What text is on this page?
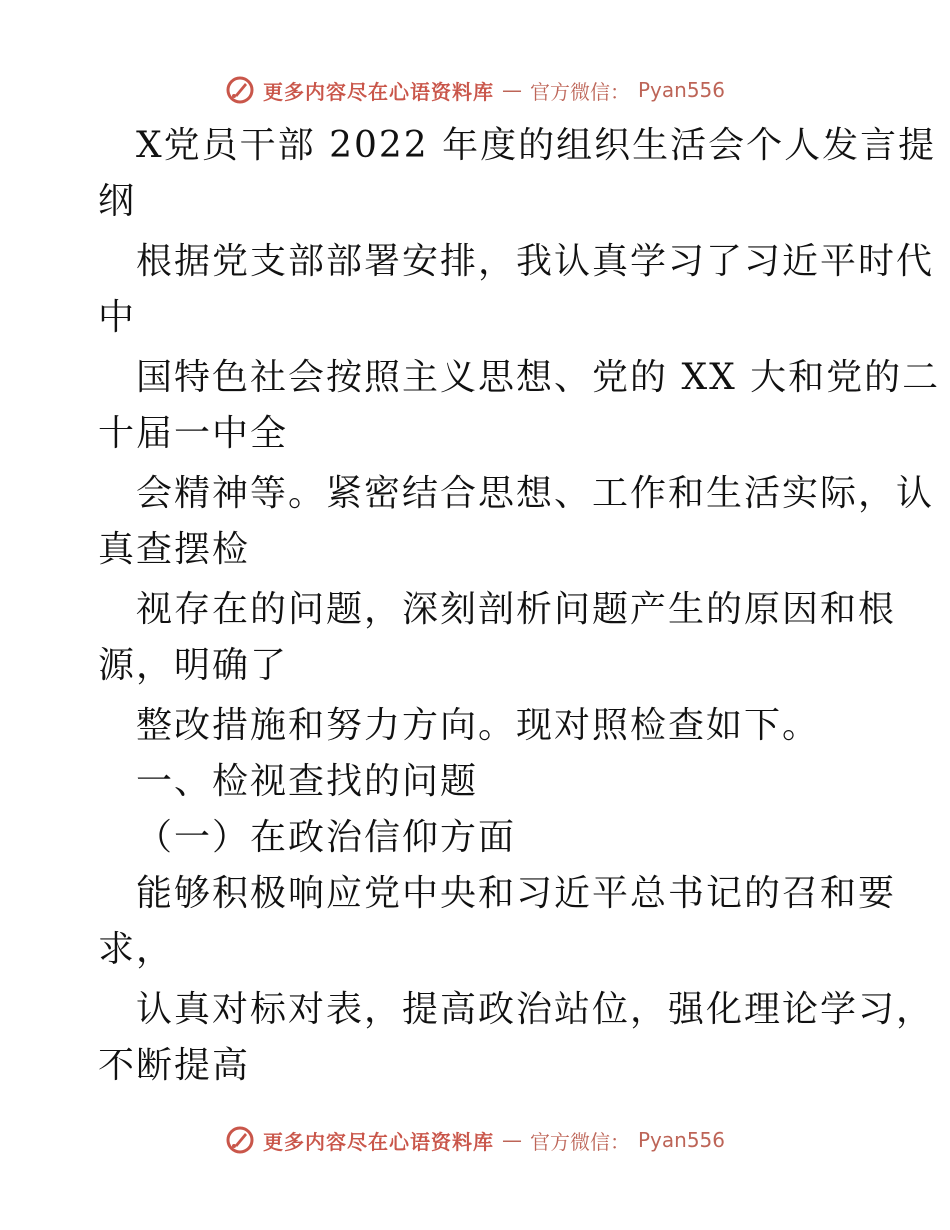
更多内容尽在心语资料库 — 官方微信： Pyan556

X党员干部 2022 年度的组织生活会个人发言提

纲

根据党支部部署安排，我认真学习了习近平时代

中

国特色社会按照主义思想、党的 XX 大和党的二

十届一中全

会精神等。紧密结合思想、工作和生活实际，认

真查摆检

视存在的问题，深刻剖析问题产生的原因和根

源，明确了

整改措施和努力方向。现对照检查如下。

一、检视查找的问题

（一）在政治信仰方面

能够积极响应党中央和习近平总书记的召和要

求，

认真对标对表，提高政治站位，强化理论学习，

不断提高

更多内容尽在心语资料库 — 官方微信： Pyan556
